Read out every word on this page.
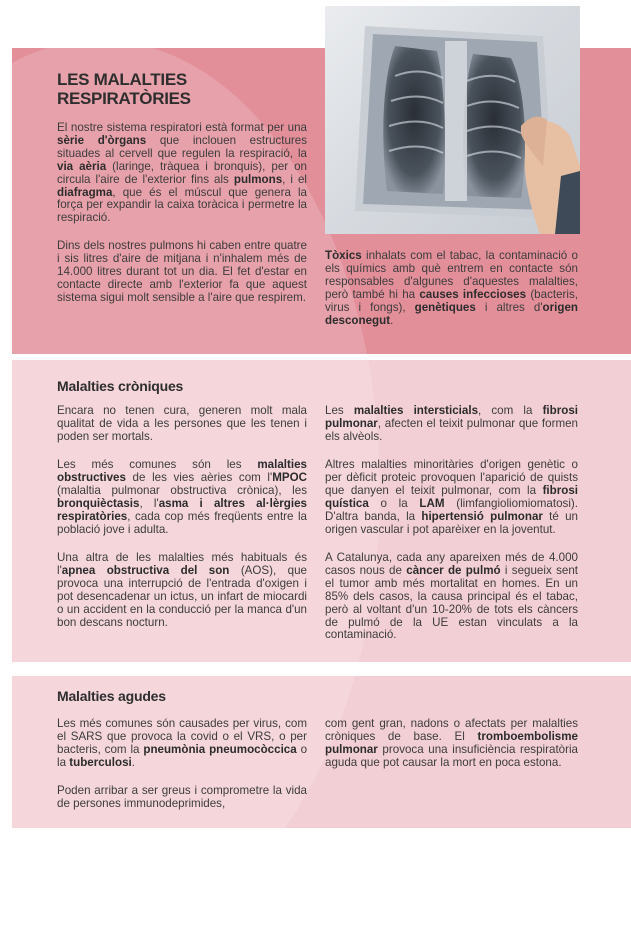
LES MALALTIES
RESPIRATÒRIES

El nostre sistema respiratori està format per una sèrie d'òrgans que inclouen estructures situades al cervell que regulen la respiració, la via aèria (laringe, tràquea i bronquis), per on circula l'aire de l'exterior fins als pulmons, i el diafragma, que és el múscul que genera la força per expandir la caixa toràcica i permetre la respiració.

Dins dels nostres pulmons hi caben entre quatre i sis litres d'aire de mitjana i n'inhalem més de 14.000 litres durant tot un dia. El fet d'estar en contacte directe amb l'exterior fa que aquest sistema sigui molt sensible a l'aire que respirem.

Tòxics inhalats com el tabac, la contaminació o els químics amb què entrem en contacte són responsables d'algunes d'aquestes malalties, però també hi ha causes infeccioses (bacteris, virus i fongs), genètiques i altres d'origen desconegut.

Malalties cròniques

Encara no tenen cura, generen molt mala qualitat de vida a les persones que les tenen i poden ser mortals.

Les més comunes són les malalties obstructives de les vies aèries com l'MPOC (malaltia pulmonar obstructiva crònica), les bronquièctasis, l'asma i altres al·lèrgies respiratòries, cada cop més freqüents entre la població jove i adulta.

Una altra de les malalties més habituals és l'apnea obstructiva del son (AOS), que provoca una interrupció de l'entrada d'oxigen i pot desencadenar un ictus, un infart de miocardi o un accident en la conducció per la manca d'un bon descans nocturn.

Les malalties intersticials, com la fibrosi pulmonar, afecten el teixit pulmonar que formen els alvèols.

Altres malalties minoritàries d'origen genètic o per dèficit proteic provoquen l'aparició de quists que danyen el teixit pulmonar, com la fibrosi quística o la LAM (limfangioliomiomatosi). D'altra banda, la hipertensió pulmonar té un origen vascular i pot aparèixer en la joventut.

A Catalunya, cada any apareixen més de 4.000 casos nous de càncer de pulmó i segueix sent el tumor amb més mortalitat en homes. En un 85% dels casos, la causa principal és el tabac, però al voltant d'un 10-20% de tots els càncers de pulmó de la UE estan vinculats a la contaminació.

Malalties agudes

Les més comunes són causades per virus, com el SARS que provoca la covid o el VRS, o per bacteris, com la pneumònia pneumocòccica o la tuberculosi.

Poden arribar a ser greus i comprometre la vida de persones immunodeprimides,

com gent gran, nadons o afectats per malalties cròniques de base. El tromboembolisme pulmonar provoca una insuficiència respiratòria aguda que pot causar la mort en poca estona.
